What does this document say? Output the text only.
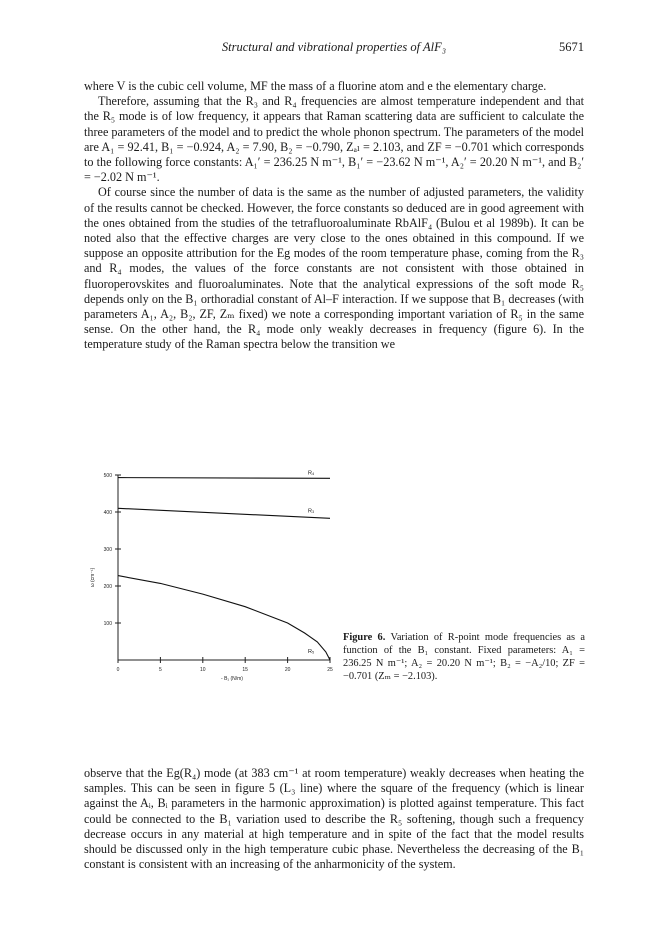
Structural and vibrational properties of AlF₃	5671

where V is the cubic cell volume, MF the mass of a fluorine atom and e the elementary charge.

Therefore, assuming that the R₃ and R₄ frequencies are almost temperature independent and that the R₅ mode is of low frequency, it appears that Raman scattering data are sufficient to calculate the three parameters of the model and to predict the whole phonon spectrum. The parameters of the model are A₁ = 92.41, B₁ = −0.924, A₂ = 7.90, B₂ = −0.790, Zₐₗ = 2.103, and ZF = −0.701 which corresponds to the following force constants: A₁′ = 236.25 N m⁻¹, B₁′ = −23.62 N m⁻¹, A₂′ = 20.20 N m⁻¹, and B₂′ = −2.02 N m⁻¹.

Of course since the number of data is the same as the number of adjusted parameters, the validity of the results cannot be checked. However, the force constants so deduced are in good agreement with the ones obtained from the studies of the tetrafluoroaluminate RbAlF₄ (Bulou et al 1989b). It can be noted also that the effective charges are very close to the ones obtained in this compound. If we suppose an opposite attribution for the Eg modes of the room temperature phase, coming from the R₃ and R₄ modes, the values of the force constants are not consistent with those obtained in fluoroperovskites and fluoroaluminates. Note that the analytical expressions of the soft mode R₅ depends only on the B₁ orthoradial constant of Al–F interaction. If we suppose that B₁ decreases (with parameters A₁, A₂, B₂, ZF, Zₘ fixed) we note a corresponding important variation of R₅ in the same sense. On the other hand, the R₄ mode only weakly decreases in frequency (figure 6). In the temperature study of the Raman spectra below the transition we

100
200
300
400
500
0	5	10	15	20	25
- B₁ (N/m)
ω (cm⁻¹)
R₄
R₃
R₅
Figure 6. Variation of R-point mode frequencies as a function of the B₁ constant. Fixed parameters: A₁ = 236.25 N m⁻¹; A₂ = 20.20 N m⁻¹; B₂ = −A₂/10; ZF = −0.701 (Zₘ = −2.103).

observe that the Eg(R₄) mode (at 383 cm⁻¹ at room temperature) weakly decreases when heating the samples. This can be seen in figure 5 (L₃ line) where the square of the frequency (which is linear against the Aᵢ, Bᵢ parameters in the harmonic approximation) is plotted against temperature. This fact could be connected to the B₁ variation used to describe the R₅ softening, though such a frequency decrease occurs in any material at high temperature and in spite of the fact that the model results should be discussed only in the high temperature cubic phase. Nevertheless the decreasing of the B₁ constant is consistent with an increasing of the anharmonicity of the system.
